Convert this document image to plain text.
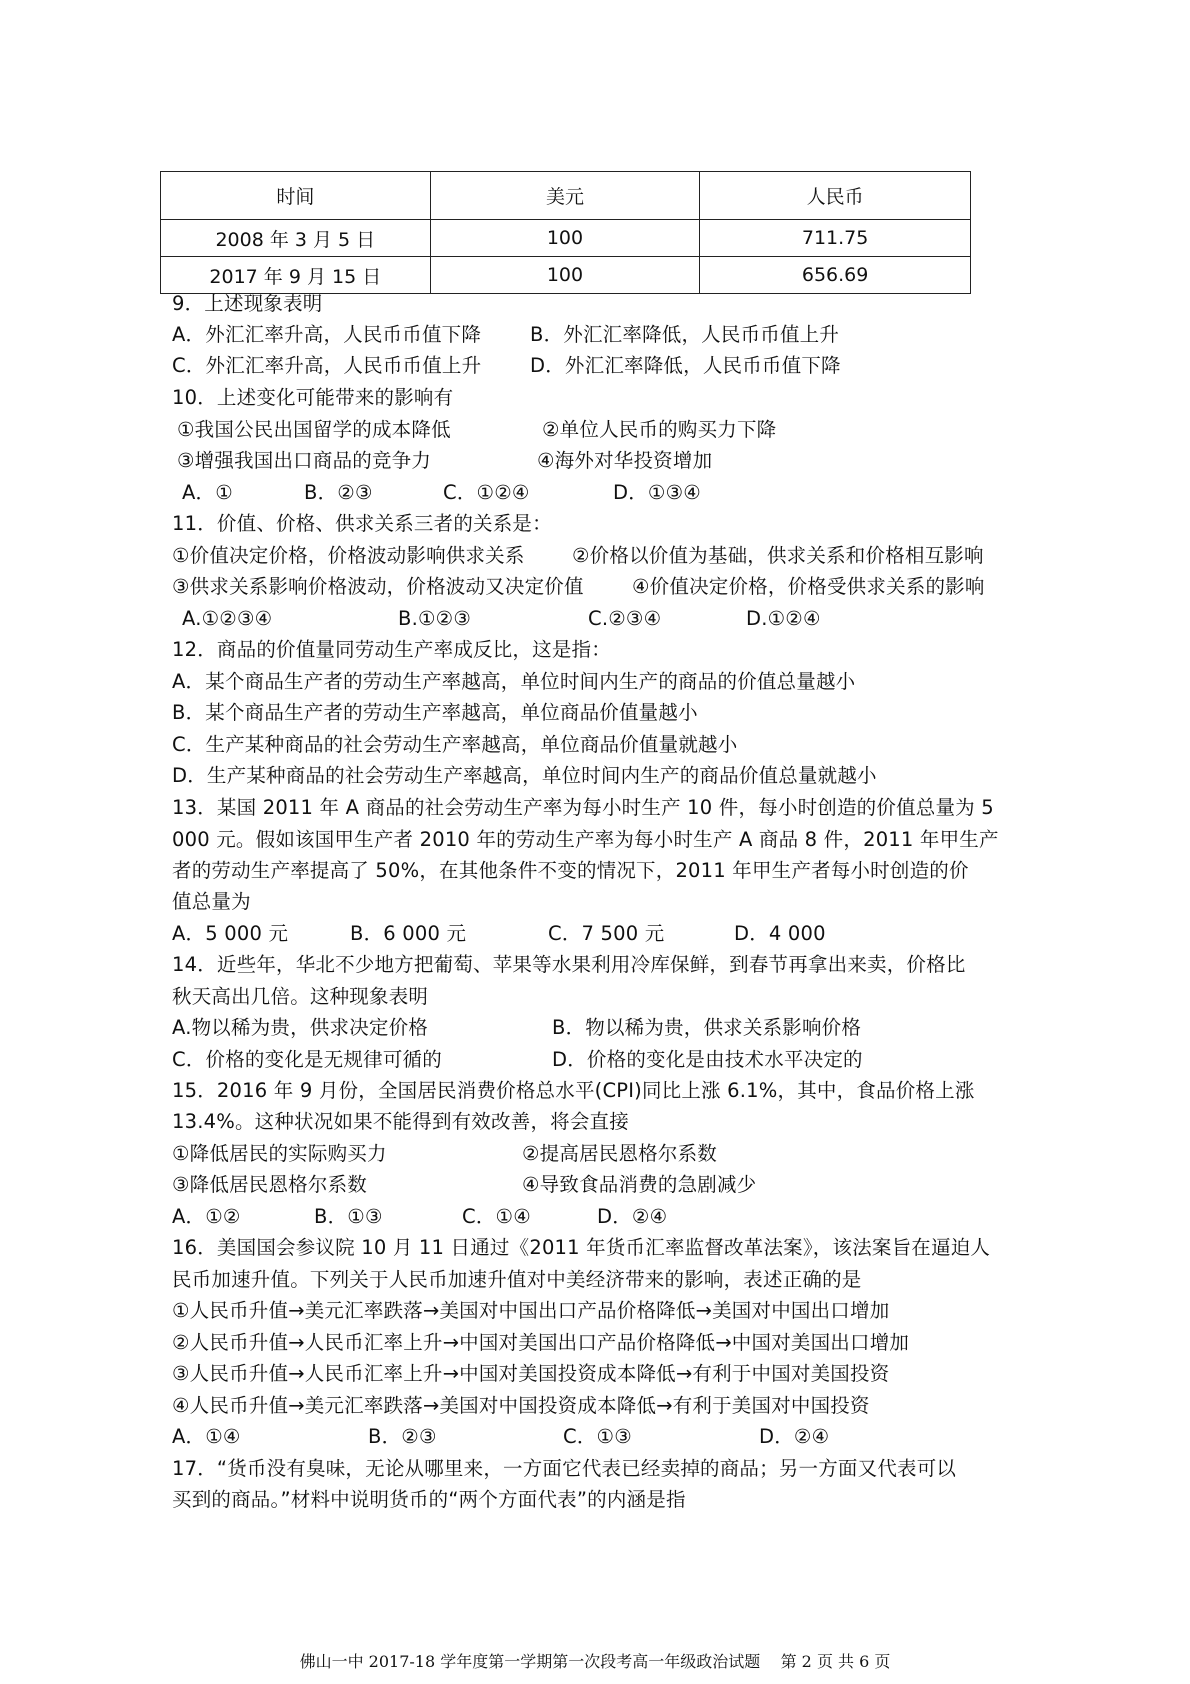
时间	美元	人民币
2008 年 3 月 5 日	100	711.75
2017 年 9 月 15 日	100	656.69
9．上述现象表明

A．外汇汇率升高，人民币币值下降

	B．外汇汇率降低，人民币币值上升

C．外汇汇率升高，人民币币值上升

D．外汇汇率降低，人民币币值下降

10．上述变化可能带来的影响有

①我国公民出国留学的成本降低

	②单位人民币的购买力下降

③增强我国出口商品的竞争力

	④海外对华投资增加

A．①

	B．②③

	C．①②④

	D．①③④

11．价值、价格、供求关系三者的关系是：

①价值决定价格，价格波动影响供求关系

②价格以价值为基础，供求关系和价格相互影响

③供求关系影响价格波动，价格波动又决定价值

④价值决定价格，价格受供求关系的影响

A.①②③④

	B.①②③

	C.②③④

	D.①②④

12．商品的价值量同劳动生产率成反比，这是指：
A．某个商品生产者的劳动生产率越高，单位时间内生产的商品的价值总量越小
B．某个商品生产者的劳动生产率越高，单位商品价值量越小
C．生产某种商品的社会劳动生产率越高，单位商品价值量就越小
D．生产某种商品的社会劳动生产率越高，单位时间内生产的商品价值总量就越小
13．某国 2011 年 A 商品的社会劳动生产率为每小时生产 10 件，每小时创造的价值总量为 5
000 元。假如该国甲生产者 2010 年的劳动生产率为每小时生产 A 商品 8 件，2011 年甲生产
者的劳动生产率提高了 50%，在其他条件不变的情况下，2011 年甲生产者每小时创造的价
值总量为

A．5 000 元

	B．6 000 元

	C．7 500 元

	D．4 000

14．近些年，华北不少地方把葡萄、苹果等水果利用冷库保鲜，到春节再拿出来卖，价格比
秋天高出几倍。这种现象表明

A.物以稀为贵，供求决定价格

	B．物以稀为贵，供求关系影响价格

C．价格的变化是无规律可循的

	D．价格的变化是由技术水平决定的

15．2016 年 9 月份，全国居民消费价格总水平(CPI)同比上涨 6.1%，其中，食品价格上涨
13.4%。这种状况如果不能得到有效改善，将会直接

①降低居民的实际购买力

	②提高居民恩格尔系数

③降低居民恩格尔系数

	④导致食品消费的急剧减少

A．①②

	B．①③

	C．①④

	D．②④

16．美国国会参议院 10 月 11 日通过《2011 年货币汇率监督改革法案》，该法案旨在逼迫人
民币加速升值。下列关于人民币加速升值对中美经济带来的影响，表述正确的是
①人民币升值→美元汇率跌落→美国对中国出口产品价格降低→美国对中国出口增加
②人民币升值→人民币汇率上升→中国对美国出口产品价格降低→中国对美国出口增加
③人民币升值→人民币汇率上升→中国对美国投资成本降低→有利于中国对美国投资
④人民币升值→美元汇率跌落→美国对中国投资成本降低→有利于美国对中国投资

A．①④

	B．②③

	C．①③

	D．②④

17．“货币没有臭味，无论从哪里来，一方面它代表已经卖掉的商品；另一方面又代表可以
买到的商品。”材料中说明货币的“两个方面代表”的内涵是指
佛山一中 2017-18 学年度第一学期第一次段考高一年级政治试题    第 2 页 共 6 页
